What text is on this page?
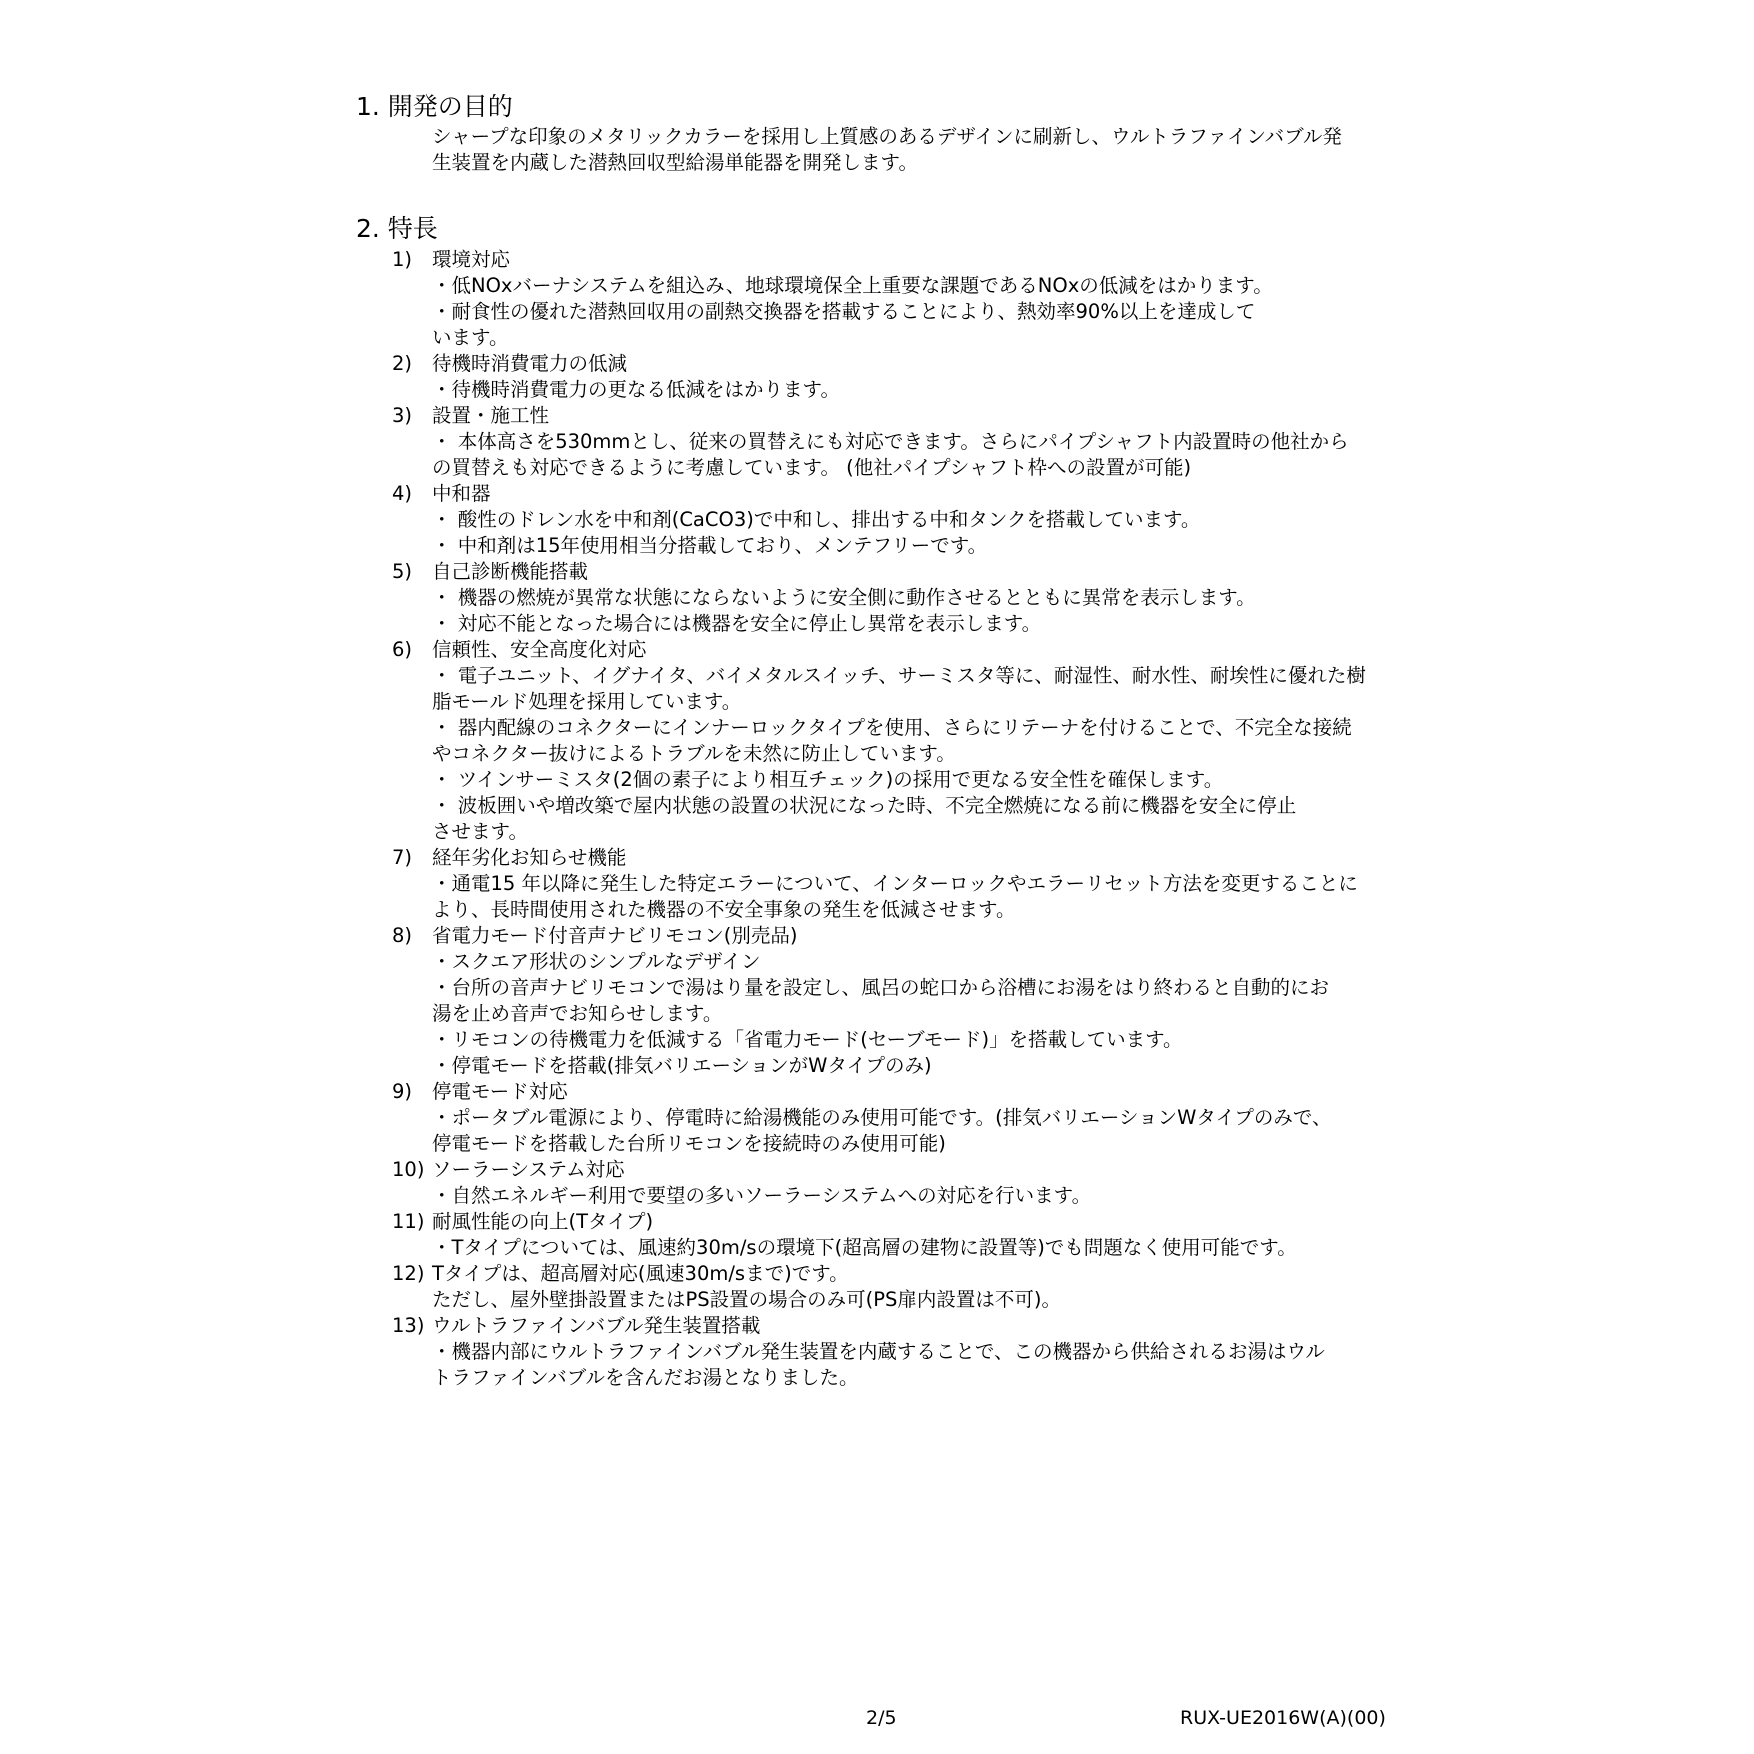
1. 開発の目的
シャープな印象のメタリックカラーを採用し上質感のあるデザインに刷新し、ウルトラファインバブル発
生装置を内蔵した潜熱回収型給湯単能器を開発します。
2. 特長
1) 環境対応
・低NOxバーナシステムを組込み、地球環境保全上重要な課題であるNOxの低減をはかります。
・耐食性の優れた潜熱回収用の副熱交換器を搭載することにより、熱効率90%以上を達成して
います。
2) 待機時消費電力の低減
・待機時消費電力の更なる低減をはかります。
3) 設置・施工性
・ 本体高さを530mmとし、従来の買替えにも対応できます。さらにパイプシャフト内設置時の他社から
の買替えも対応できるように考慮しています。 (他社パイプシャフト枠への設置が可能)
4) 中和器
・ 酸性のドレン水を中和剤(CaCO3)で中和し、排出する中和タンクを搭載しています。
・ 中和剤は15年使用相当分搭載しており、メンテフリーです。
5) 自己診断機能搭載
・ 機器の燃焼が異常な状態にならないように安全側に動作させるとともに異常を表示します。
・ 対応不能となった場合には機器を安全に停止し異常を表示します。
6) 信頼性、安全高度化対応
・ 電子ユニット、イグナイタ、バイメタルスイッチ、サーミスタ等に、耐湿性、耐水性、耐埃性に優れた樹
脂モールド処理を採用しています。
・ 器内配線のコネクターにインナーロックタイプを使用、さらにリテーナを付けることで、不完全な接続
やコネクター抜けによるトラブルを未然に防止しています。
・ ツインサーミスタ(2個の素子により相互チェック)の採用で更なる安全性を確保します。
・ 波板囲いや増改築で屋内状態の設置の状況になった時、不完全燃焼になる前に機器を安全に停止
させます。
7) 経年劣化お知らせ機能
・通電15 年以降に発生した特定エラーについて、インターロックやエラーリセット方法を変更することに
より、長時間使用された機器の不安全事象の発生を低減させます。
8) 省電力モード付音声ナビリモコン(別売品)
・スクエア形状のシンプルなデザイン
・台所の音声ナビリモコンで湯はり量を設定し、風呂の蛇口から浴槽にお湯をはり終わると自動的にお
湯を止め音声でお知らせします。
・リモコンの待機電力を低減する「省電力モード(セーブモード)」を搭載しています。
・停電モードを搭載(排気バリエーションがWタイプのみ)
9) 停電モード対応
・ポータブル電源により、停電時に給湯機能のみ使用可能です。(排気バリエーションWタイプのみで、
停電モードを搭載した台所リモコンを接続時のみ使用可能)
10) ソーラーシステム対応
・自然エネルギー利用で要望の多いソーラーシステムへの対応を行います。
11) 耐風性能の向上(Tタイプ)
・Tタイプについては、風速約30m/sの環境下(超高層の建物に設置等)でも問題なく使用可能です。
12) Tタイプは、超高層対応(風速30m/sまで)です。
ただし、屋外壁掛設置またはPS設置の場合のみ可(PS扉内設置は不可)。
13) ウルトラファインバブル発生装置搭載
・機器内部にウルトラファインバブル発生装置を内蔵することで、この機器から供給されるお湯はウル
トラファインバブルを含んだお湯となりました。
2/5	RUX-UE2016W(A)(00)
